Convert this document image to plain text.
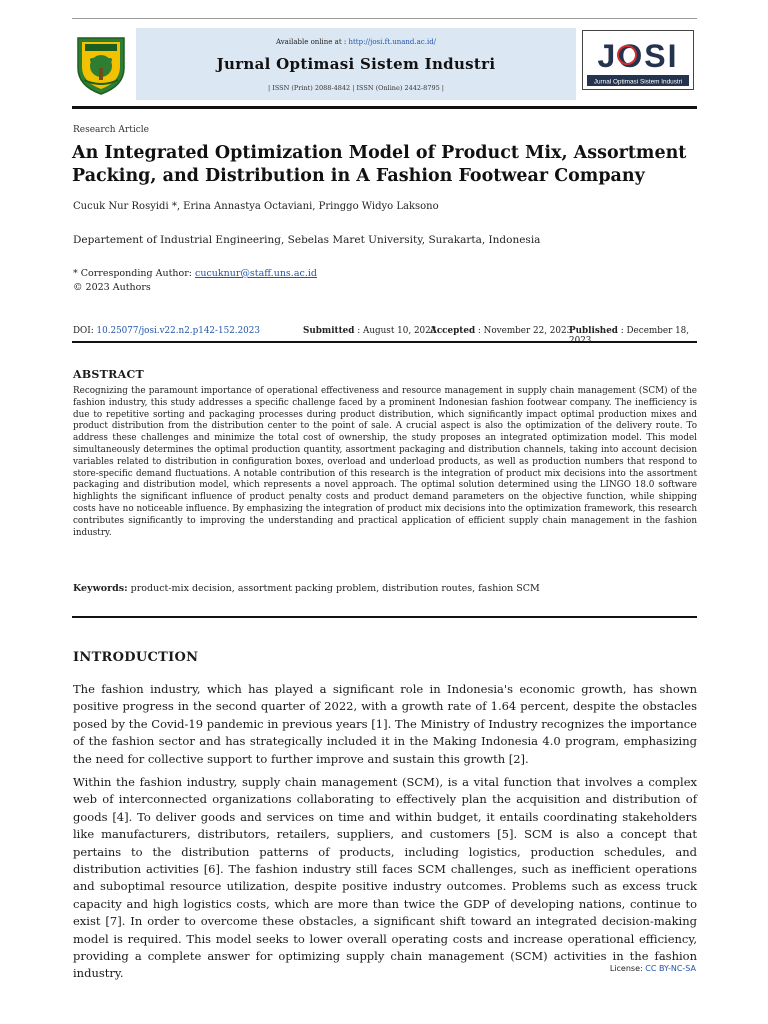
Available online at : http://josi.ft.unand.ac.id/
Jurnal Optimasi Sistem Industri
| ISSN (Print) 2088-4842 | ISSN (Online) 2442-8795 |
JOSI
Jurnal Optimasi Sistem Industri
Research Article
An Integrated Optimization Model of Product Mix, Assortment Packing, and Distribution in A Fashion Footwear Company
Cucuk Nur Rosyidi *, Erina Annastya Octaviani, Pringgo Widyo Laksono
Departement of Industrial Engineering, Sebelas Maret University, Surakarta, Indonesia
* Corresponding Author: cucuknur@staff.uns.ac.id
© 2023 Authors
DOI: 10.25077/josi.v22.n2.p142-152.2023	Submitted : August 10, 2023
Accepted : November 22, 2023
Published : December 18,
ABSTRACT
Recognizing the paramount importance of operational effectiveness and resource management in supply chain management (SCM) of the fashion industry, this study addresses a specific challenge faced by a prominent Indonesian fashion footwear company. The inefficiency is due to repetitive sorting and packaging processes during product distribution, which significantly impact optimal production mixes and product distribution from the distribution center to the point of sale. A crucial aspect is also the optimization of the delivery route. To address these challenges and minimize the total cost of ownership, the study proposes an integrated optimization model. This model simultaneously determines the optimal production quantity, assortment packaging and distribution channels, taking into account decision variables related to distribution in configuration boxes, overload and underload products, as well as production numbers that respond to store-specific demand fluctuations. A notable contribution of this research is the integration of product mix decisions into the assortment packaging and distribution model, which represents a novel approach. The optimal solution determined using the LINGO 18.0 software highlights the significant influence of product penalty costs and product demand parameters on the objective function, while shipping costs have no noticeable influence. By emphasizing the integration of product mix decisions into the optimization framework, this research contributes significantly to improving the understanding and practical application of efficient supply chain management in the fashion industry.
Keywords: product-mix decision, assortment packing problem, distribution routes, fashion SCM
INTRODUCTION
The fashion industry, which has played a significant role in Indonesia's economic growth, has shown positive progress in the second quarter of 2022, with a growth rate of 1.64 percent, despite the obstacles posed by the Covid-19 pandemic in previous years [1]. The Ministry of Industry recognizes the importance of the fashion sector and has strategically included it in the Making Indonesia 4.0 program, emphasizing the need for collective support to further improve and sustain this growth [2].
Within the fashion industry, supply chain management (SCM), is a vital function that involves a complex web of interconnected organizations collaborating to effectively plan the acquisition and distribution of goods [4]. To deliver goods and services on time and within budget, it entails coordinating stakeholders like manufacturers, distributors, retailers, suppliers, and customers [5]. SCM is also a concept that pertains to the distribution patterns of products, including logistics, production schedules, and distribution activities [6]. The fashion industry still faces SCM challenges, such as inefficient operations and suboptimal resource utilization, despite positive industry outcomes. Problems such as excess truck capacity and high logistics costs, which are more than twice the GDP of developing nations, continue to exist [7]. In order to overcome these obstacles, a significant shift toward an integrated decision-making model is required. This model seeks to lower overall operating costs and increase operational efficiency, providing a complete answer for optimizing supply chain management (SCM) activities in the fashion industry.	License: CC BY-NC-SA
